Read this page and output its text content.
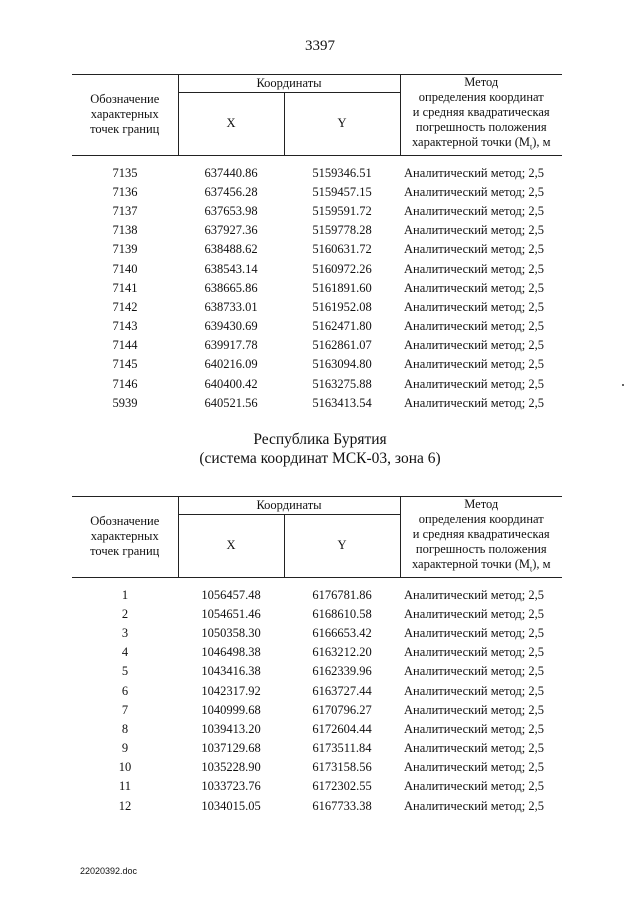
3397
Обозначение
характерных
точек границ	Координаты		Метод
определения координат
и средняя квадратическая
погрешность положения
характерной точки $(M_t)$, м

	X	Y	
7135	637440.86	5159346.51	Аналитический метод; 2,5
7136	637456.28	5159457.15	Аналитический метод; 2,5
7137	637653.98	5159591.72	Аналитический метод; 2,5
7138	637927.36	5159778.28	Аналитический метод; 2,5
7139	638488.62	5160631.72	Аналитический метод; 2,5
7140	638543.14	5160972.26	Аналитический метод; 2,5
7141	638665.86	5161891.60	Аналитический метод; 2,5
7142	638733.01	5161952.08	Аналитический метод; 2,5
7143	639430.69	5162471.80	Аналитический метод; 2,5
7144	639917.78	5162861.07	Аналитический метод; 2,5
7145	640216.09	5163094.80	Аналитический метод; 2,5
7146	640400.42	5163275.88	Аналитический метод; 2,5
5939	640521.56	5163413.54	Аналитический метод; 2,5
Республика Бурятия
(система координат МСК-03, зона 6)
Обозначение
характерных
точек границ	Координаты		Метод
определения координат
и средняя квадратическая
погрешность положения
характерной точки $(M_t)$, м

	X	Y	
1	1056457.48	6176781.86	Аналитический метод; 2,5
2	1054651.46	6168610.58	Аналитический метод; 2,5
3	1050358.30	6166653.42	Аналитический метод; 2,5
4	1046498.38	6163212.20	Аналитический метод; 2,5
5	1043416.38	6162339.96	Аналитический метод; 2,5
6	1042317.92	6163727.44	Аналитический метод; 2,5
7	1040999.68	6170796.27	Аналитический метод; 2,5
8	1039413.20	6172604.44	Аналитический метод; 2,5
9	1037129.68	6173511.84	Аналитический метод; 2,5
10	1035228.90	6173158.56	Аналитический метод; 2,5
11	1033723.76	6172302.55	Аналитический метод; 2,5
12	1034015.05	6167733.38	Аналитический метод; 2,5
22020392.doc
